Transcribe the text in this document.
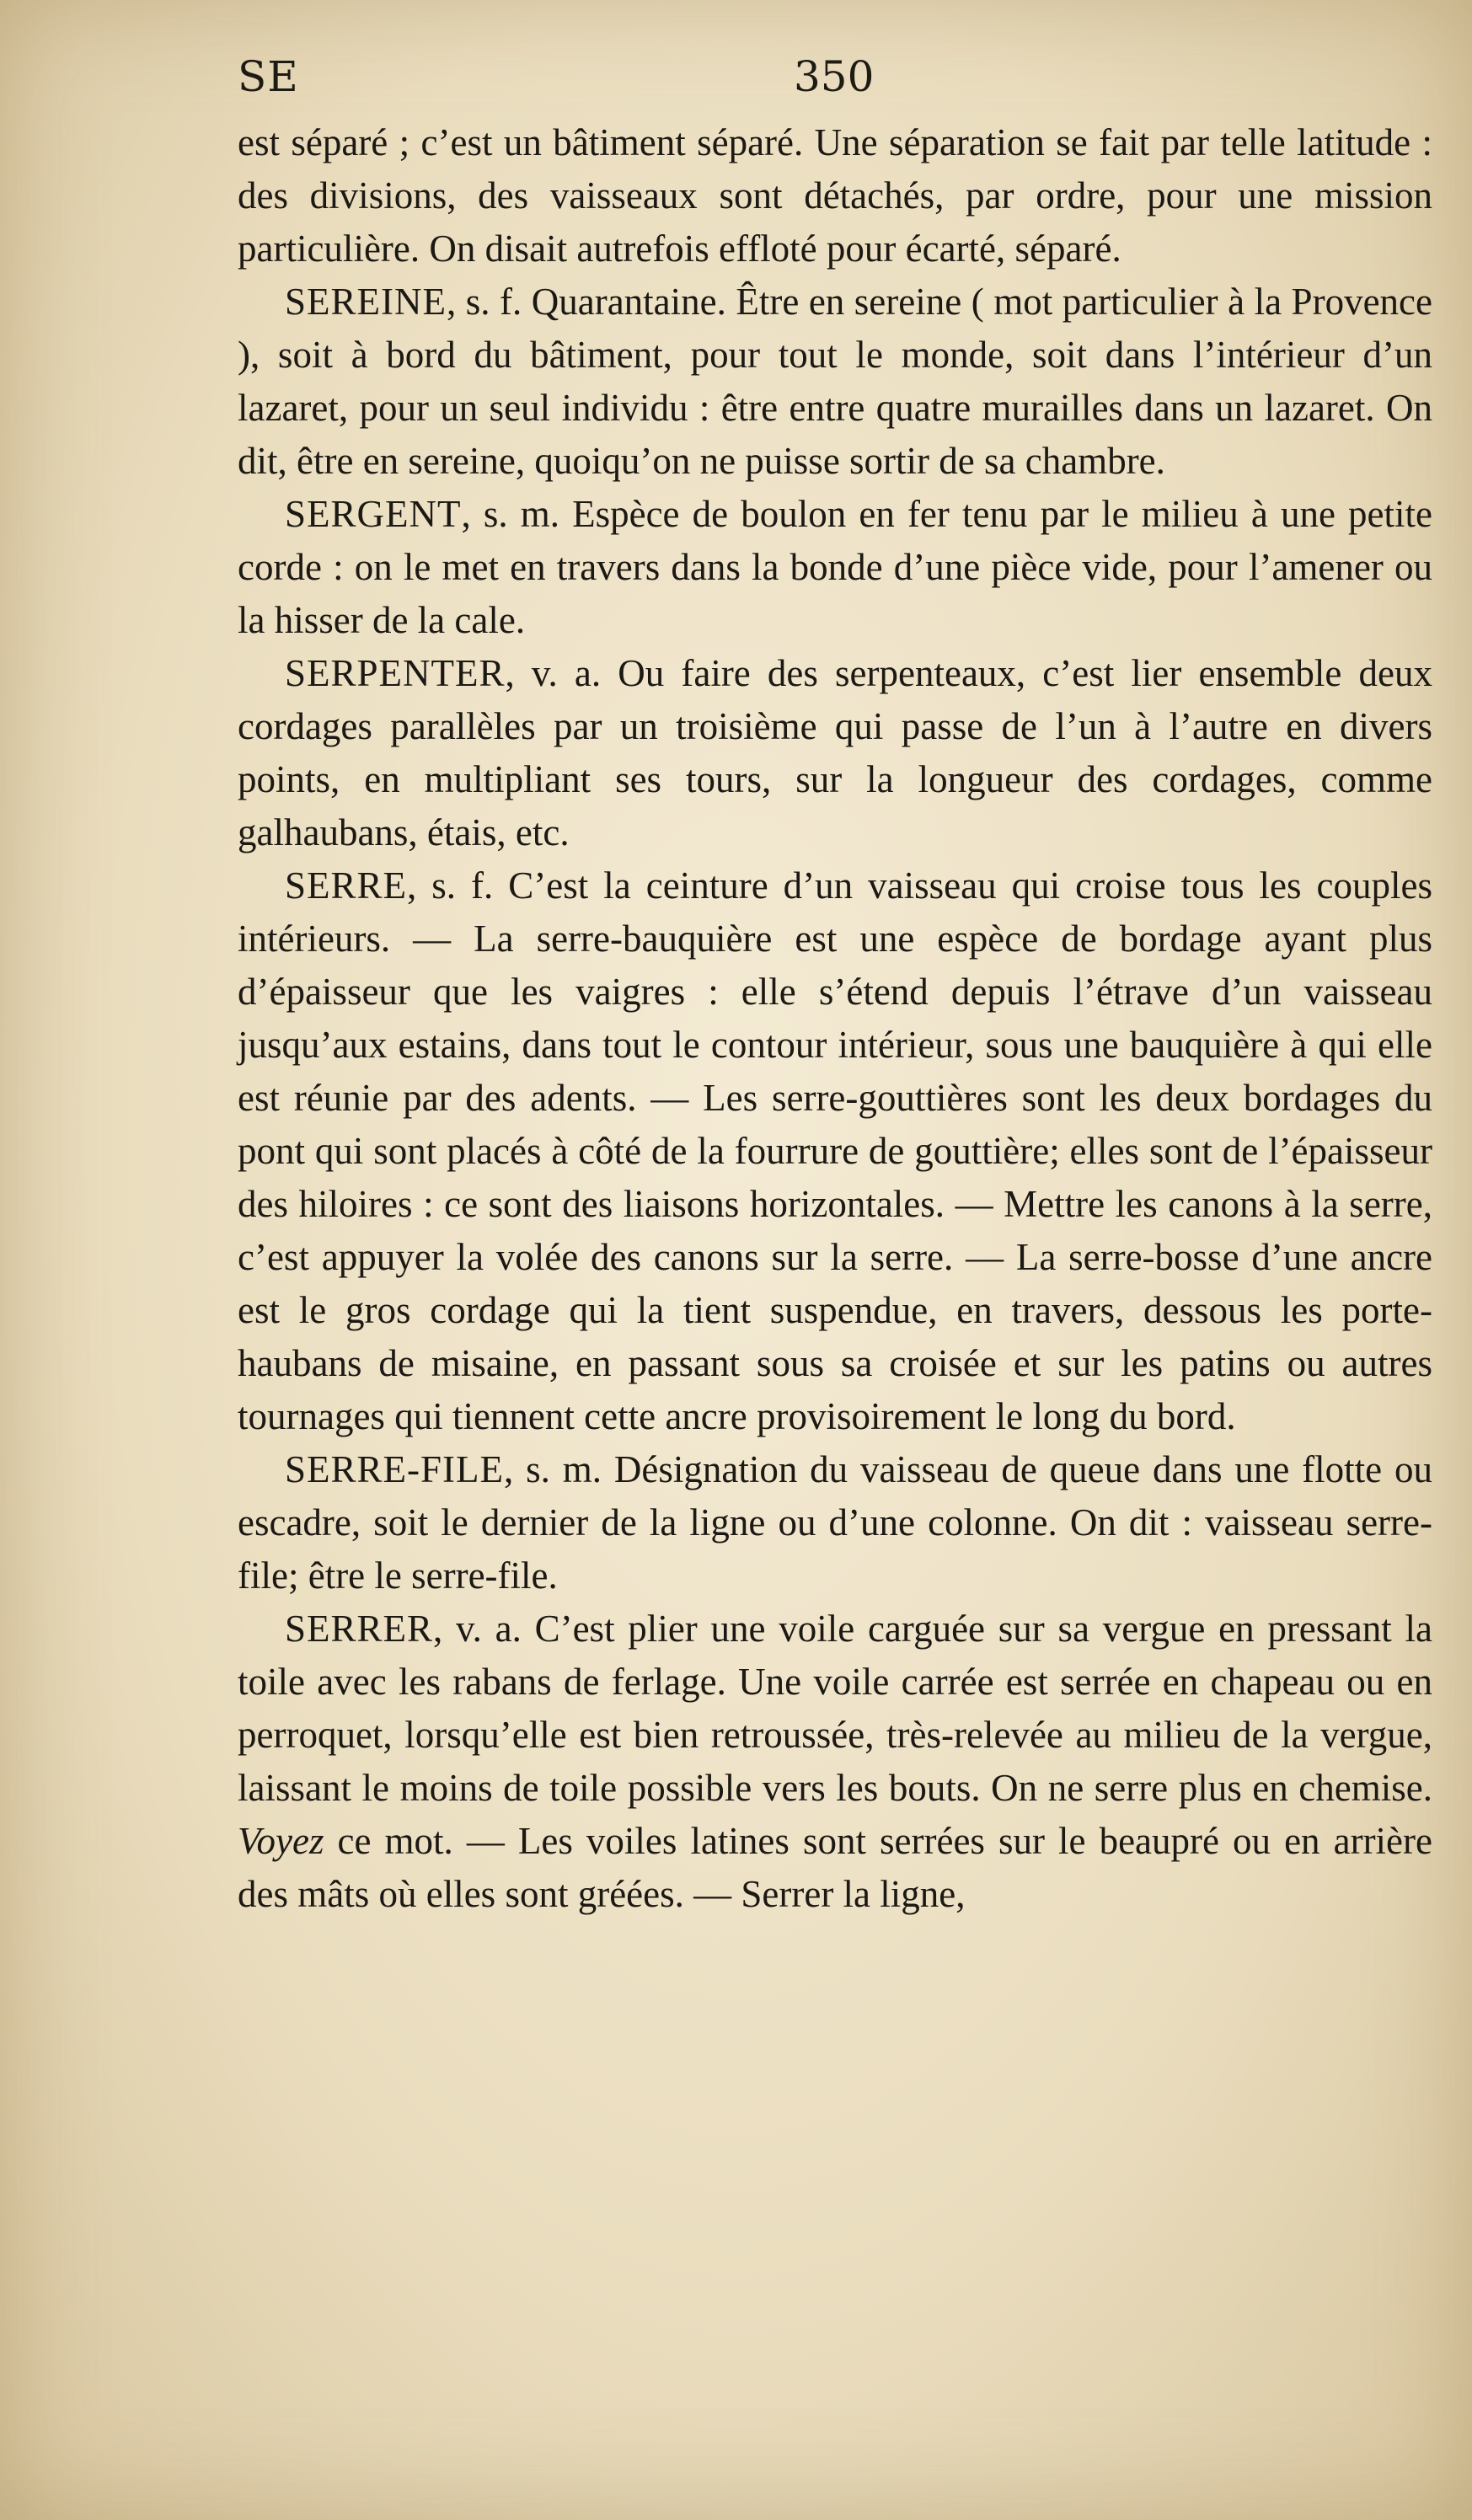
SE	350

est séparé ; c’est un bâtiment séparé. Une séparation se fait par telle latitude : des divisions, des vaisseaux sont détachés, par ordre, pour une mission particulière. On disait autrefois effloté pour écarté, séparé.

SEREINE, s. f. Quarantaine. Être en sereine ( mot particulier à la Provence ), soit à bord du bâtiment, pour tout le monde, soit dans l’intérieur d’un lazaret, pour un seul individu : être entre quatre murailles dans un lazaret. On dit, être en sereine, quoiqu’on ne puisse sortir de sa chambre.

SERGENT, s. m. Espèce de boulon en fer tenu par le milieu à une petite corde : on le met en travers dans la bonde d’une pièce vide, pour l’amener ou la hisser de la cale.

SERPENTER, v. a. Ou faire des serpenteaux, c’est lier ensemble deux cordages parallèles par un troisième qui passe de l’un à l’autre en divers points, en multipliant ses tours, sur la longueur des cordages, comme galhaubans, étais, etc.

SERRE, s. f. C’est la ceinture d’un vaisseau qui croise tous les couples intérieurs. — La serre-bauquière est une espèce de bordage ayant plus d’épaisseur que les vaigres : elle s’étend depuis l’étrave d’un vaisseau jusqu’aux estains, dans tout le contour intérieur, sous une bauquière à qui elle est réunie par des adents. — Les serre-gouttières sont les deux bordages du pont qui sont placés à côté de la fourrure de gouttière; elles sont de l’épaisseur des hiloires : ce sont des liaisons horizontales. — Mettre les canons à la serre, c’est appuyer la volée des canons sur la serre. — La serre-bosse d’une ancre est le gros cordage qui la tient suspendue, en travers, dessous les porte-haubans de misaine, en passant sous sa croisée et sur les patins ou autres tournages qui tiennent cette ancre provisoirement le long du bord.

SERRE-FILE, s. m. Désignation du vaisseau de queue dans une flotte ou escadre, soit le dernier de la ligne ou d’une colonne. On dit : vaisseau serre-file; être le serre-file.

SERRER, v. a. C’est plier une voile carguée sur sa vergue en pressant la toile avec les rabans de ferlage. Une voile carrée est serrée en chapeau ou en perroquet, lorsqu’elle est bien retroussée, très-relevée au milieu de la vergue, laissant le moins de toile possible vers les bouts. On ne serre plus en chemise. Voyez ce mot. — Les voiles latines sont serrées sur le beaupré ou en arrière des mâts où elles sont gréées. — Serrer la ligne,
